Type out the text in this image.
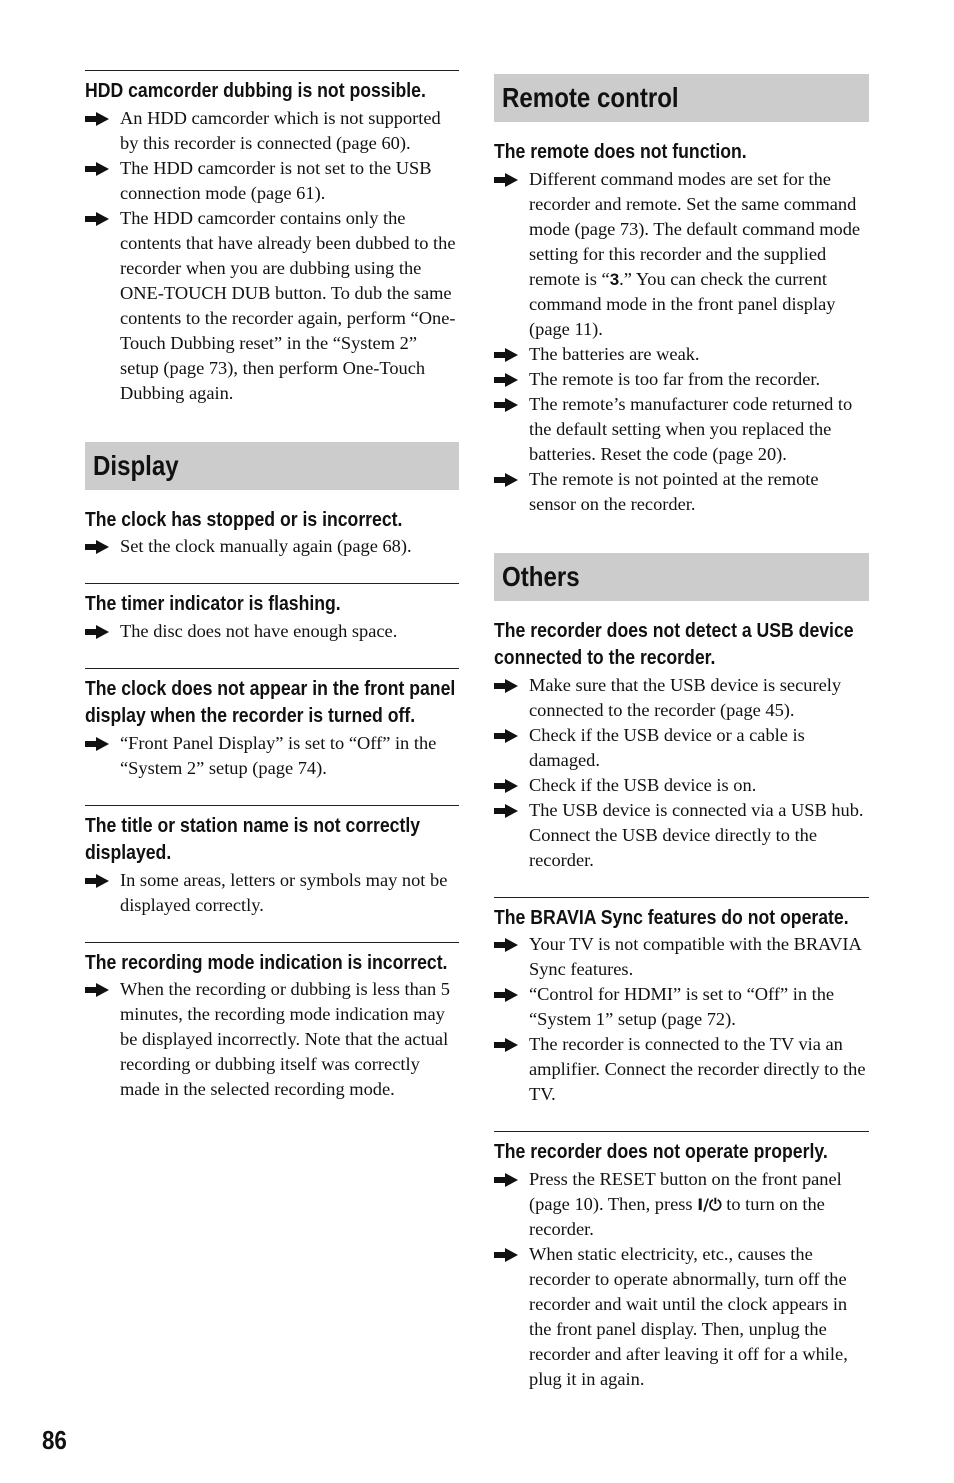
HDD camcorder dubbing is not possible.
An HDD camcorder which is not supported by this recorder is connected (page 60).
The HDD camcorder is not set to the USB connection mode (page 61).
The HDD camcorder contains only the contents that have already been dubbed to the recorder when you are dubbing using the ONE-TOUCH DUB button. To dub the same contents to the recorder again, perform “One-Touch Dubbing reset” in the “System 2” setup (page 73), then perform One-Touch Dubbing again.
Display
The clock has stopped or is incorrect.
Set the clock manually again (page 68).
The timer indicator is flashing.
The disc does not have enough space.
The clock does not appear in the front panel display when the recorder is turned off.
“Front Panel Display” is set to “Off” in the “System 2” setup (page 74).
The title or station name is not correctly displayed.
In some areas, letters or symbols may not be displayed correctly.
The recording mode indication is incorrect.
When the recording or dubbing is less than 5 minutes, the recording mode indication may be displayed incorrectly. Note that the actual recording or dubbing itself was correctly made in the selected recording mode.
Remote control
The remote does not function.
Different command modes are set for the recorder and remote. Set the same command mode (page 73). The default command mode setting for this recorder and the supplied remote is “3.” You can check the current command mode in the front panel display (page 11).
The batteries are weak.
The remote is too far from the recorder.
The remote’s manufacturer code returned to the default setting when you replaced the batteries. Reset the code (page 20).
The remote is not pointed at the remote sensor on the recorder.
Others
The recorder does not detect a USB device connected to the recorder.
Make sure that the USB device is securely connected to the recorder (page 45).
Check if the USB device or a cable is damaged.
Check if the USB device is on.
The USB device is connected via a USB hub. Connect the USB device directly to the recorder.
The BRAVIA Sync features do not operate.
Your TV is not compatible with the BRAVIA Sync features.
“Control for HDMI” is set to “Off” in the “System 1” setup (page 72).
The recorder is connected to the TV via an amplifier. Connect the recorder directly to the TV.
The recorder does not operate properly.
Press the RESET button on the front panel (page 10). Then, press I/⏻ to turn on the recorder.
When static electricity, etc., causes the recorder to operate abnormally, turn off the recorder and wait until the clock appears in the front panel display. Then, unplug the recorder and after leaving it off for a while, plug it in again.
86
